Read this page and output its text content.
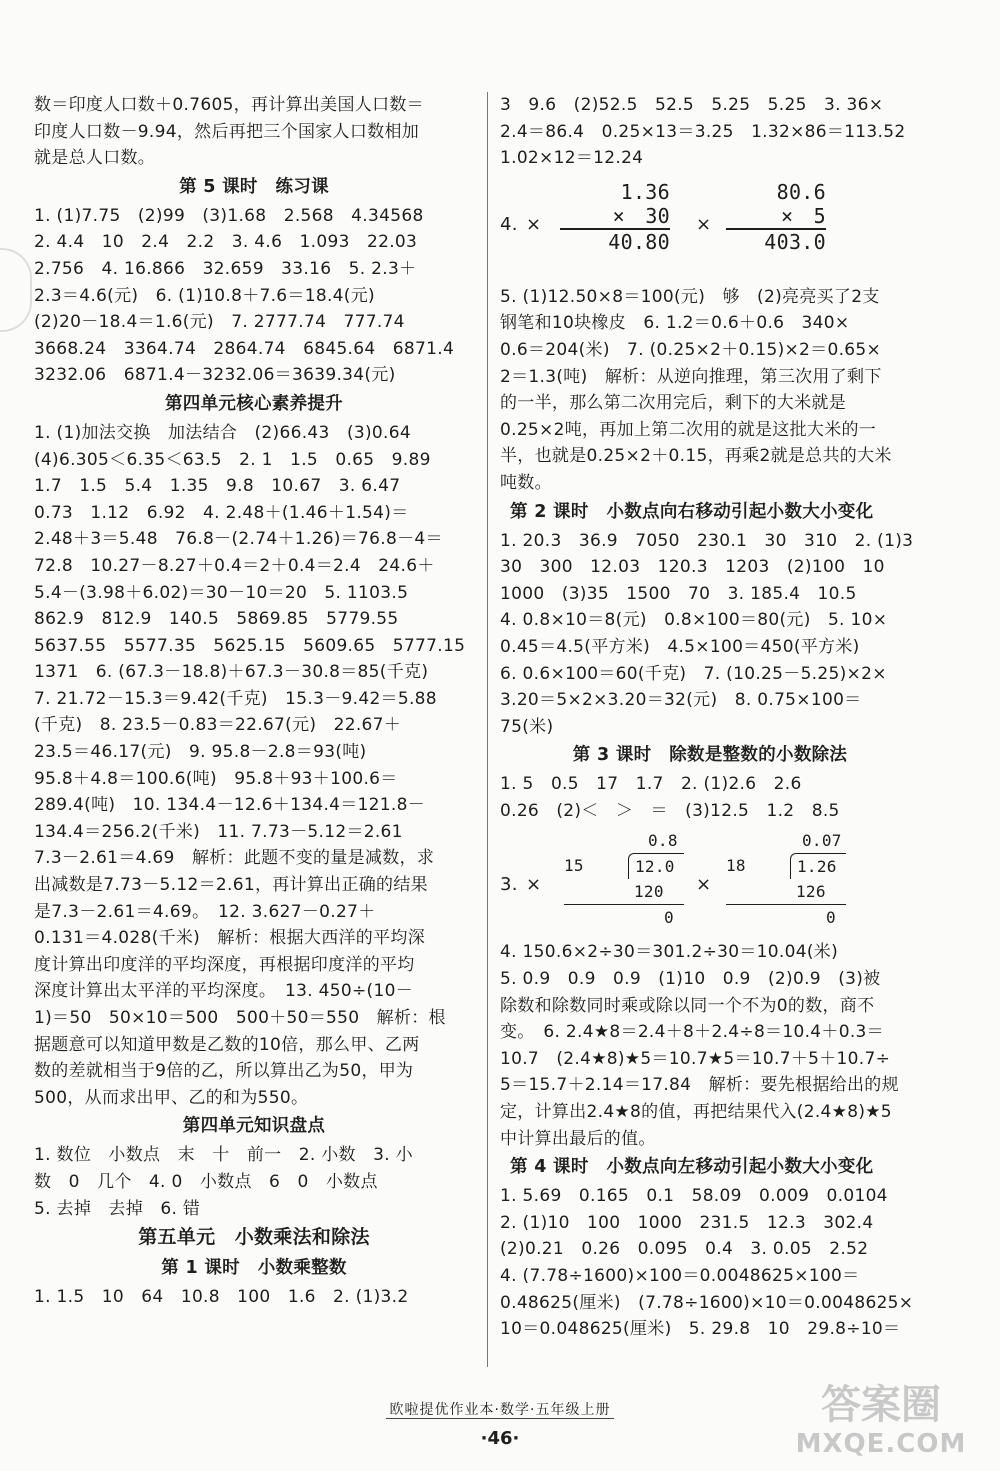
数＝印度人口数＋0.7605，再计算出美国人口数＝
印度人口数－9.94，然后再把三个国家人口数相加
就是总人口数。
第 5 课时　练习课
1. (1)7.75　(2)99　(3)1.68　2.568　4.34568
2. 4.4　10　2.4　2.2　3. 4.6　1.093　22.03
2.756　4. 16.866　32.659　33.16　5. 2.3＋
2.3＝4.6(元)　6. (1)10.8＋7.6＝18.4(元)
(2)20－18.4＝1.6(元)　7. 2777.74　777.74
3668.24　3364.74　2864.74　6845.64　6871.4
3232.06　6871.4－3232.06＝3639.34(元)
第四单元核心素养提升
1. (1)加法交换　加法结合　(2)66.43　(3)0.64
(4)6.305＜6.35＜63.5　2. 1　1.5　0.65　9.89
1.7　1.5　5.4　1.35　9.8　10.67　3. 6.47
0.73　1.12　6.92　4. 2.48＋(1.46＋1.54)＝
2.48＋3＝5.48　76.8－(2.74＋1.26)＝76.8－4＝
72.8　10.27－8.27＋0.4＝2＋0.4＝2.4　24.6＋
5.4－(3.98＋6.02)＝30－10＝20　5. 1103.5
862.9　812.9　140.5　5869.85　5779.55
5637.55　5577.35　5625.15　5609.65　5777.15
1371　6. (67.3－18.8)＋67.3－30.8＝85(千克)
7. 21.72－15.3＝9.42(千克)　15.3－9.42＝5.88
(千克)　8. 23.5－0.83＝22.67(元)　22.67＋
23.5＝46.17(元)　9. 95.8－2.8＝93(吨)
95.8＋4.8＝100.6(吨)　95.8＋93＋100.6＝
289.4(吨)　10. 134.4－12.6＋134.4＝121.8－
134.4＝256.2(千米)　11. 7.73－5.12＝2.61
7.3－2.61＝4.69　解析：此题不变的量是减数，求
出减数是7.73－5.12＝2.61，再计算出正确的结果
是7.3－2.61＝4.69。　12. 3.627－0.27＋
0.131＝4.028(千米)　解析：根据大西洋的平均深
度计算出印度洋的平均深度，再根据印度洋的平均
深度计算出太平洋的平均深度。　13. 450÷(10－
1)＝50　50×10＝500　500＋50＝550　解析：根
据题意可以知道甲数是乙数的10倍，那么甲、乙两
数的差就相当于9倍的乙，所以算出乙为50，甲为
500，从而求出甲、乙的和为550。
第四单元知识盘点
1. 数位　小数点　末　十　前一　2. 小数　3. 小
数　0　几个　4. 0　小数点　6　0　小数点
5. 去掉　去掉　6. 错
第五单元　小数乘法和除法
第 1 课时　小数乘整数
1. 1.5　10　64　10.8　100　1.6　2. (1)3.2
3　9.6　(2)52.5　52.5　5.25　5.25　3. 36×
2.4＝86.4　0.25×13＝3.25　1.32×86＝113.52
1.02×12＝12.24
4. ×
1.36
×　30
40.80
×
80.6
×　5
403.0
5. (1)12.50×8＝100(元)　够　(2)亮亮买了2支
钢笔和10块橡皮　6. 1.2＝0.6＋0.6　340×
0.6＝204(米)　7. (0.25×2＋0.15)×2＝0.65×
2＝1.3(吨)　解析：从逆向推理，第三次用了剩下
的一半，那么第二次用完后，剩下的大米就是
0.25×2吨，再加上第二次用的就是这批大米的一
半，也就是0.25×2＋0.15，再乘2就是总共的大米
吨数。
第 2 课时　小数点向右移动引起小数大小变化
1. 20.3　36.9　7050　230.1　30　310　2. (1)3
30　300　12.03　120.3　1203　(2)100　10
1000　(3)35　1500　70　3. 185.4　10.5
4. 0.8×10＝8(元)　0.8×100＝80(元)　5. 10×
0.45＝4.5(平方米)　4.5×100＝450(平方米)
6. 0.6×100＝60(千克)　7. (10.25－5.25)×2×
3.20＝5×2×3.20＝32(元)　8. 0.75×100＝
75(米)
第 3 课时　除数是整数的小数除法
1. 5　0.5　17　1.7　2. (1)2.6　2.6
0.26　(2)＜　＞　＝　(3)12.5　1.2　8.5
3. ×
0.8
15	12.0
120
0
×
0.07
18	1.26
126
0
4. 150.6×2÷30＝301.2÷30＝10.04(米)
5. 0.9　0.9　0.9　(1)10　0.9　(2)0.9　(3)被
除数和除数同时乘或除以同一个不为0的数，商不
变。　6. 2.4★8＝2.4＋8＋2.4÷8＝10.4＋0.3＝
10.7　(2.4★8)★5＝10.7★5＝10.7＋5＋10.7÷
5＝15.7＋2.14＝17.84　解析：要先根据给出的规
定，计算出2.4★8的值，再把结果代入(2.4★8)★5
中计算出最后的值。
第 4 课时　小数点向左移动引起小数大小变化
1. 5.69　0.165　0.1　58.09　0.009　0.0104
2. (1)10　100　1000　231.5　12.3　302.4
(2)0.21　0.26　0.095　0.4　3. 0.05　2.52
4. (7.78÷1600)×100＝0.0048625×100＝
0.48625(厘米)　(7.78÷1600)×10＝0.0048625×
10＝0.048625(厘米)　5. 29.8　10　29.8÷10＝
欧啦提优作业本·数学·五年级上册
·46·
答案圈
MXQE.COM
